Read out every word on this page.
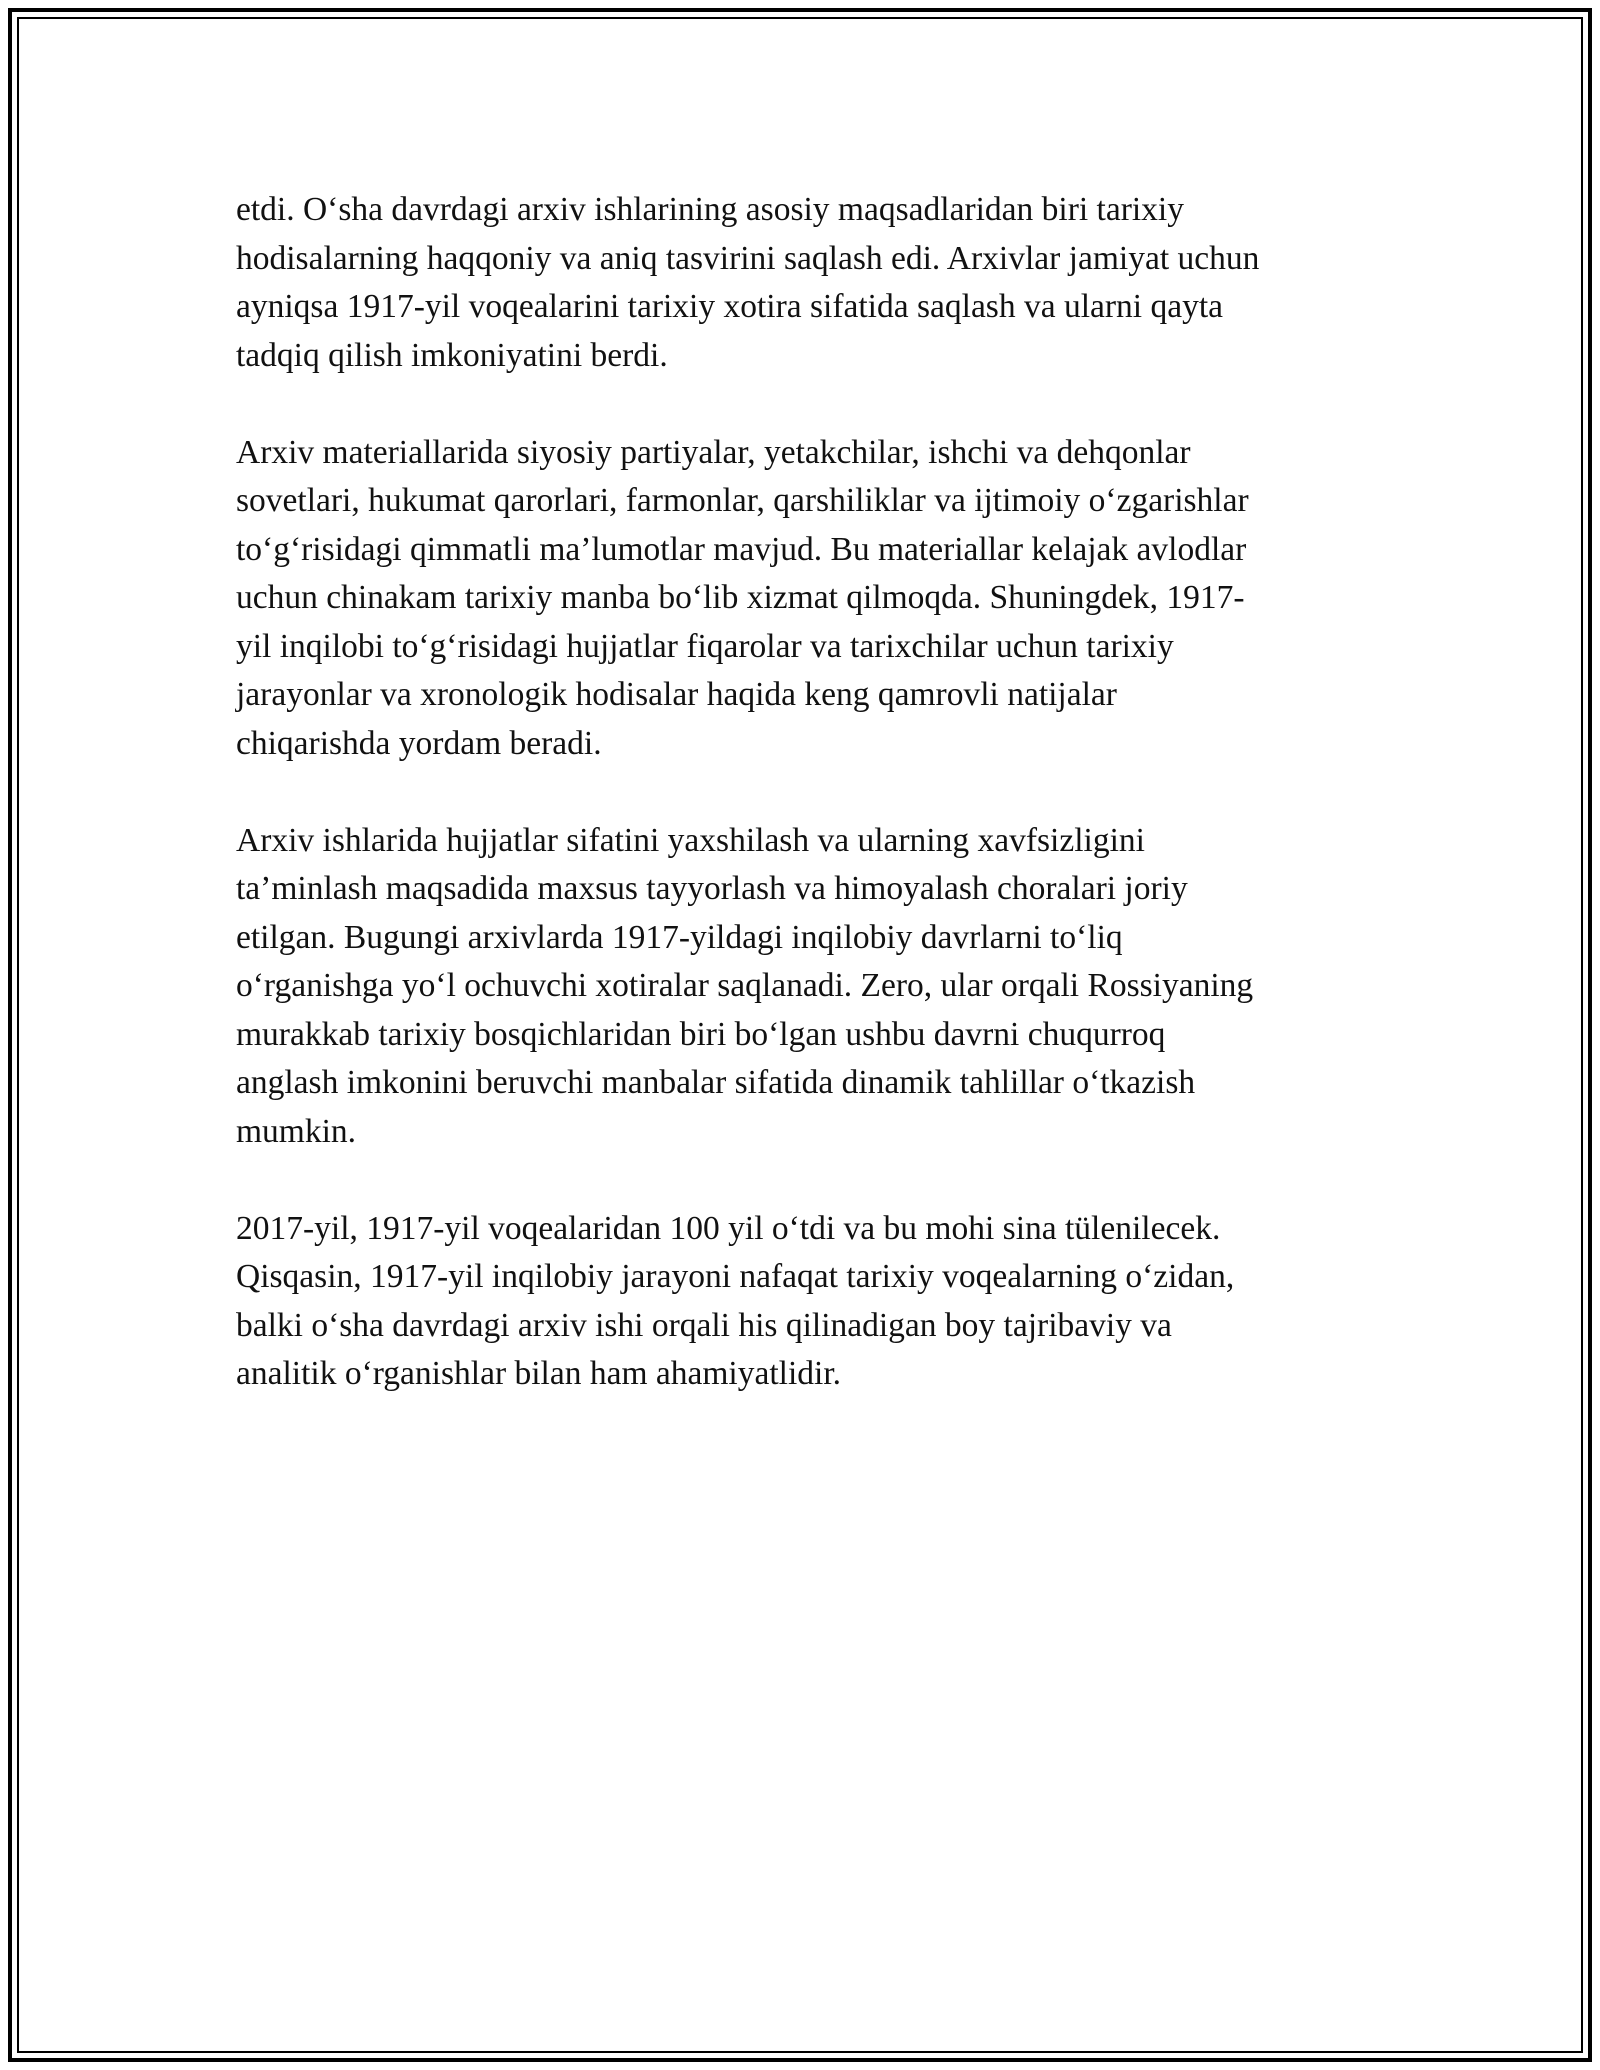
etdi. O‘sha davrdagi arxiv ishlarining asosiy maqsadlaridan biri tarixiy
hodisalarning haqqoniy va aniq tasvirini saqlash edi. Arxivlar jamiyat uchun
ayniqsa 1917-yil voqealarini tarixiy xotira sifatida saqlash va ularni qayta
tadqiq qilish imkoniyatini berdi.

Arxiv materiallarida siyosiy partiyalar, yetakchilar, ishchi va dehqonlar
sovetlari, hukumat qarorlari, farmonlar, qarshiliklar va ijtimoiy o‘zgarishlar
to‘g‘risidagi qimmatli ma’lumotlar mavjud. Bu materiallar kelajak avlodlar
uchun chinakam tarixiy manba bo‘lib xizmat qilmoqda. Shuningdek, 1917-
yil inqilobi to‘g‘risidagi hujjatlar fiqarolar va tarixchilar uchun tarixiy
jarayonlar va xronologik hodisalar haqida keng qamrovli natijalar
chiqarishda yordam beradi.

Arxiv ishlarida hujjatlar sifatini yaxshilash va ularning xavfsizligini
ta’minlash maqsadida maxsus tayyorlash va himoyalash choralari joriy
etilgan. Bugungi arxivlarda 1917-yildagi inqilobiy davrlarni to‘liq
o‘rganishga yo‘l ochuvchi xotiralar saqlanadi. Zero, ular orqali Rossiyaning
murakkab tarixiy bosqichlaridan biri bo‘lgan ushbu davrni chuqurroq
anglash imkonini beruvchi manbalar sifatida dinamik tahlillar o‘tkazish
mumkin.

2017-yil, 1917-yil voqealaridan 100 yil o‘tdi va bu mohi sina tülenilecek.
Qisqasin, 1917-yil inqilobiy jarayoni nafaqat tarixiy voqealarning o‘zidan,
balki o‘sha davrdagi arxiv ishi orqali his qilinadigan boy tajribaviy va
analitik o‘rganishlar bilan ham ahamiyatlidir.
